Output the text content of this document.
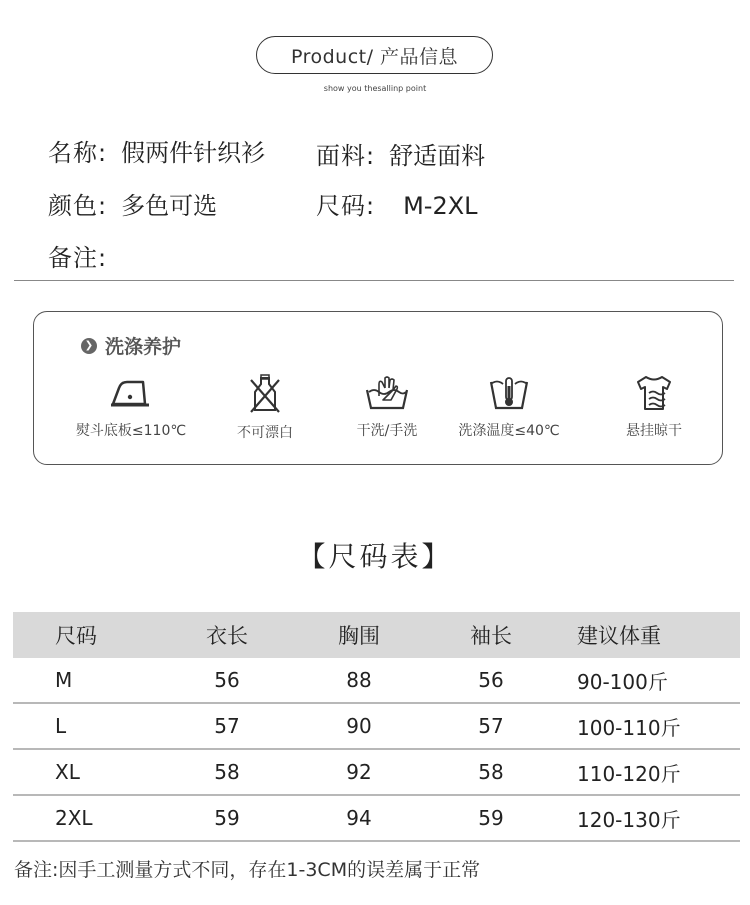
Product/ 产品信息
show you thesallinp point
名称: 假两件针织衫 面料: 舒适面料
颜色: 多色可选	尺码: M-2XL
备注:
❯ 洗涤养护
熨斗底板≤110℃	不可漂白	干洗/手洗	洗涤温度≤40℃	悬挂晾干
【尺码表】
尺码	衣长	胸围	袖长	建议体重
M	56	88	56	90-100斤
L	57	90	57	100-110斤
XL	58	92	58	110-120斤
2XL	59	94	59	120-130斤
备注:因手工测量方式不同，存在1-3CM的误差属于正常
